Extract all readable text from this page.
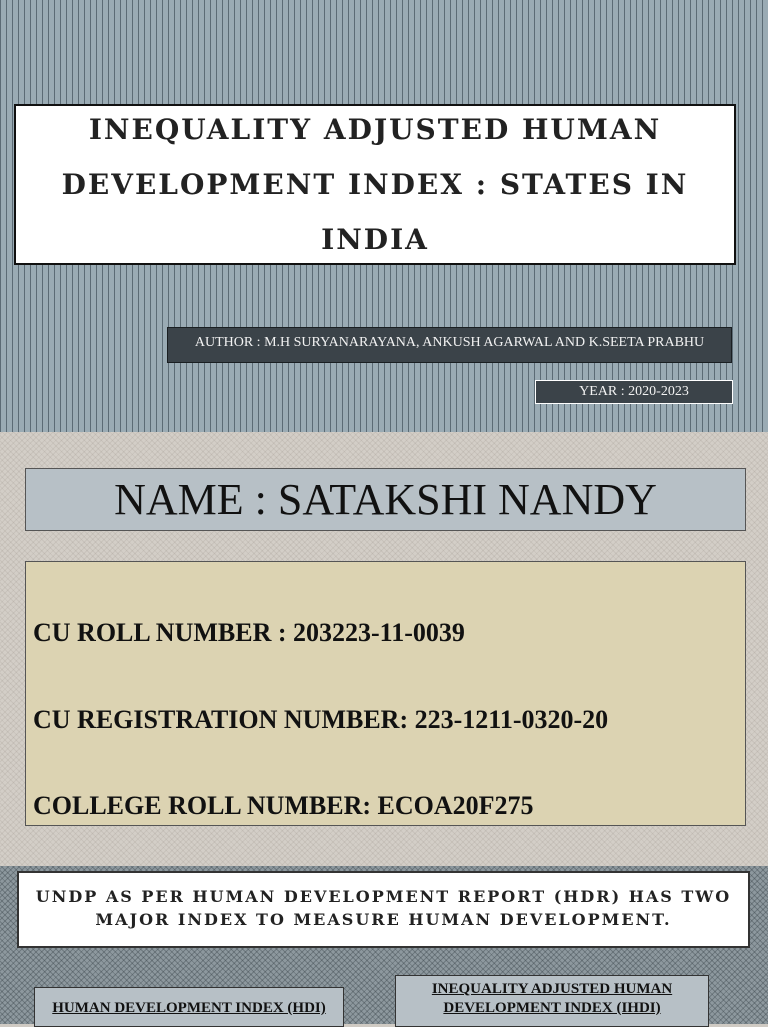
INEQUALITY ADJUSTED HUMAN DEVELOPMENT INDEX : STATES IN INDIA
AUTHOR : M.H SURYANARAYANA, ANKUSH AGARWAL AND K.SEETA PRABHU
YEAR : 2020-2023
NAME : SATAKSHI NANDY
CU ROLL NUMBER : 203223-11-0039
CU REGISTRATION NUMBER: 223-1211-0320-20
COLLEGE ROLL NUMBER: ECOA20F275
UNDP AS PER HUMAN DEVELOPMENT REPORT (HDR) HAS TWO MAJOR INDEX TO MEASURE HUMAN DEVELOPMENT.
HUMAN DEVELOPMENT INDEX (HDI)
INEQUALITY ADJUSTED HUMAN DEVELOPMENT INDEX (IHDI)
